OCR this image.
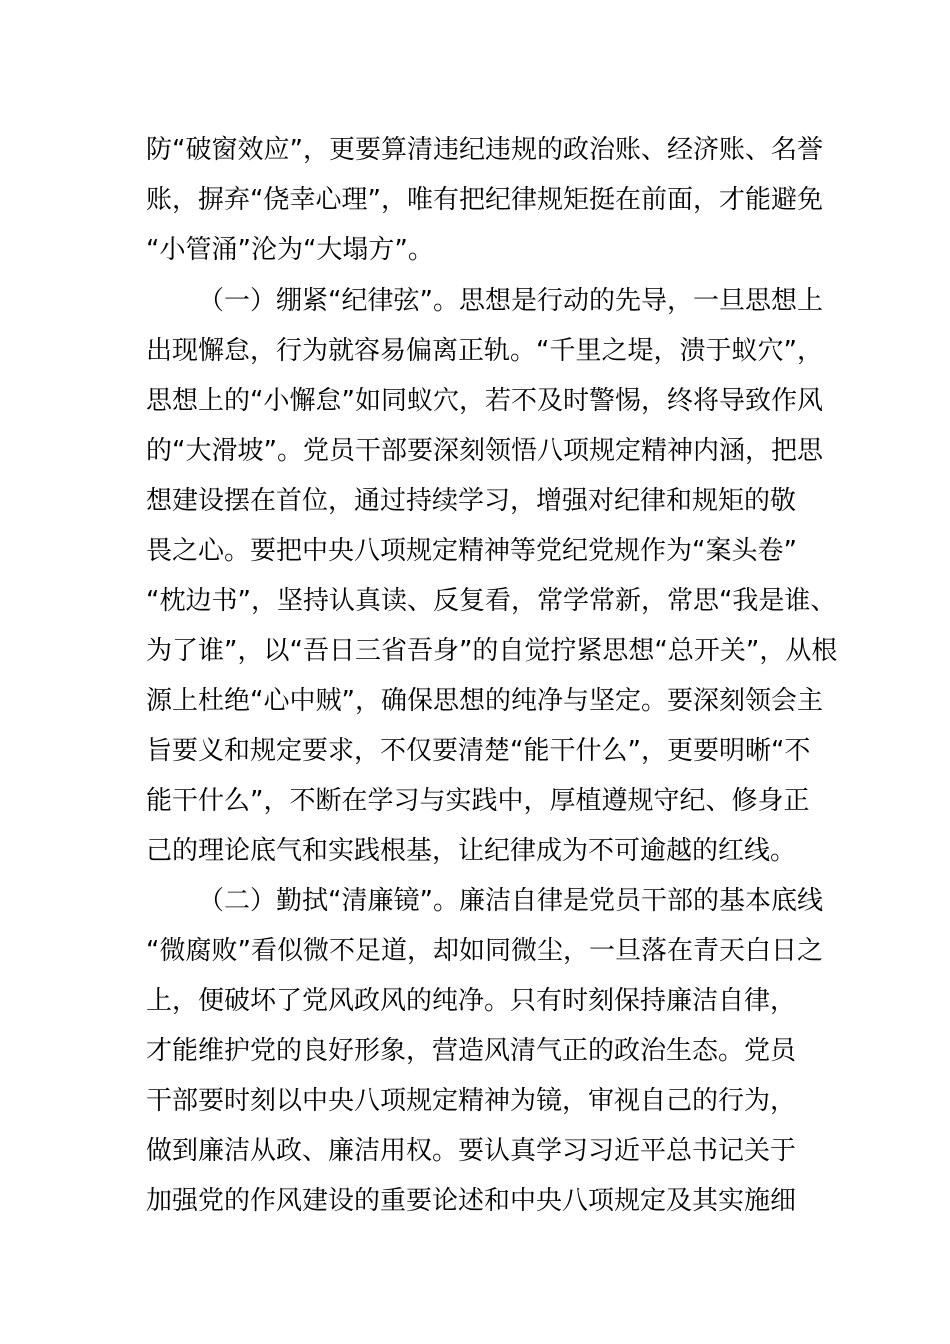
防“破窗效应”，更要算清违纪违规的政治账、经济账、名誉
账，摒弃“侥幸心理”，唯有把纪律规矩挺在前面，才能避免
“小管涌”沦为“大塌方”。
（一）绷紧“纪律弦”。思想是行动的先导，一旦思想上
出现懈怠，行为就容易偏离正轨。“千里之堤，溃于蚁穴”，
思想上的“小懈怠”如同蚁穴，若不及时警惕，终将导致作风
的“大滑坡”。党员干部要深刻领悟八项规定精神内涵，把思
想建设摆在首位，通过持续学习，增强对纪律和规矩的敬
畏之心。要把中央八项规定精神等党纪党规作为“案头卷”
“枕边书”，坚持认真读、反复看，常学常新，常思“我是谁、
为了谁”，以“吾日三省吾身”的自觉拧紧思想“总开关”，从根
源上杜绝“心中贼”，确保思想的纯净与坚定。要深刻领会主
旨要义和规定要求，不仅要清楚“能干什么”，更要明晰“不
能干什么”，不断在学习与实践中，厚植遵规守纪、修身正
己的理论底气和实践根基，让纪律成为不可逾越的红线。
（二）勤拭“清廉镜”。廉洁自律是党员干部的基本底线
“微腐败”看似微不足道，却如同微尘，一旦落在青天白日之
上，便破坏了党风政风的纯净。只有时刻保持廉洁自律，
才能维护党的良好形象，营造风清气正的政治生态。党员
干部要时刻以中央八项规定精神为镜，审视自己的行为，
做到廉洁从政、廉洁用权。要认真学习习近平总书记关于
加强党的作风建设的重要论述和中央八项规定及其实施细
